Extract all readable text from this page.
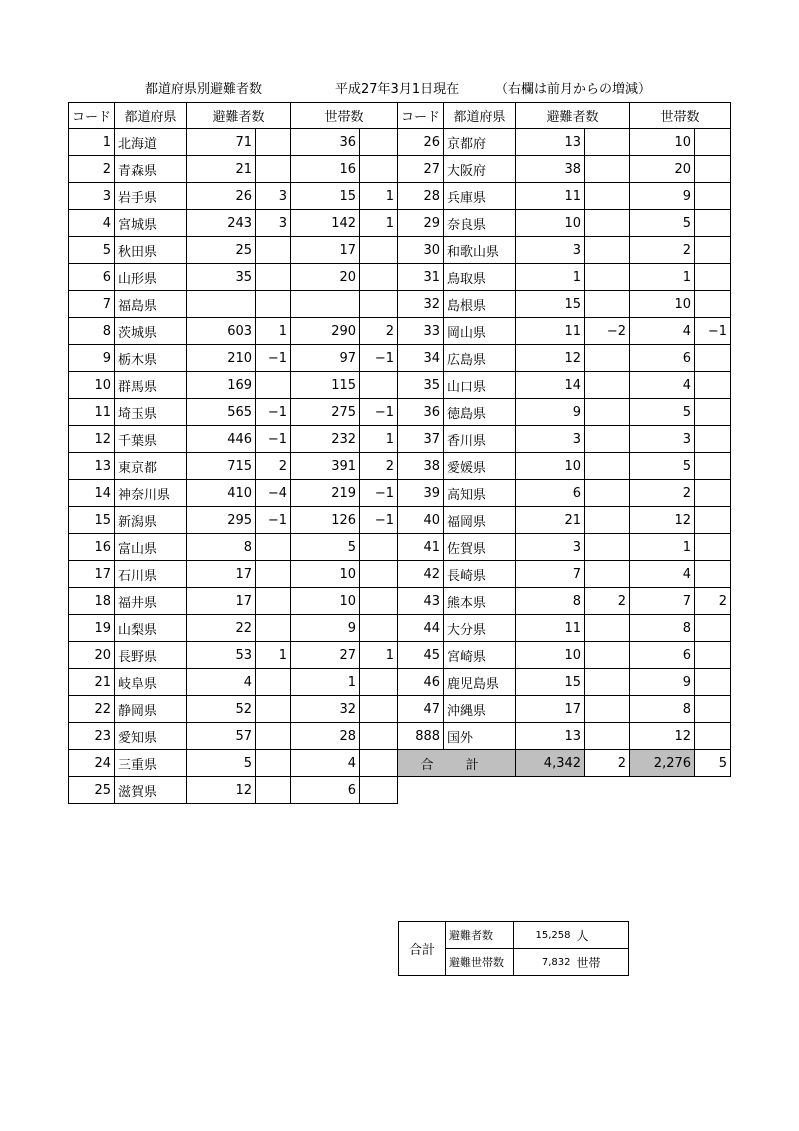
都道府県別避難者数	平成27年3月1日現在	（右欄は前月からの増減）
コード	都道府県	避難者数		世帯数	
1	北海道	71		36	
2	青森県	21		16	
3	岩手県	26	3	15	1
4	宮城県	243	3	142	1
5	秋田県	25		17	
6	山形県	35		20	
7	福島県				
8	茨城県	603	1	290	2
9	栃木県	210	−1	97	−1
10	群馬県	169		115	
11	埼玉県	565	−1	275	−1
12	千葉県	446	−1	232	1
13	東京都	715	2	391	2
14	神奈川県	410	−4	219	−1
15	新潟県	295	−1	126	−1
16	富山県	8		5	
17	石川県	17		10	
18	福井県	17		10	
19	山梨県	22		9	
20	長野県	53	1	27	1
21	岐阜県	4		1	
22	静岡県	52		32	
23	愛知県	57		28	
24	三重県	5		4	
25	滋賀県	12		6	
コード	都道府県	避難者数		世帯数	
26	京都府	13		10	
27	大阪府	38		20	
28	兵庫県	11		9	
29	奈良県	10		5	
30	和歌山県	3		2	
31	鳥取県	1		1	
32	島根県	15		10	
33	岡山県	11	−2	4	−1
34	広島県	12		6	
35	山口県	14		4	
36	徳島県	9		5	
37	香川県	3		3	
38	愛媛県	10		5	
39	高知県	6		2	
40	福岡県	21		12	
41	佐賀県	3		1	
42	長崎県	7		4	
43	熊本県	8	2	7	2
44	大分県	11		8	
45	宮崎県	10		6	
46	鹿児島県	15		9	
47	沖縄県	17		8	
888	国外	13		12	
合 計		4,342	2	2,276	5
合計	避難者数	15,258	人
	避難世帯数	7,832	世帯
